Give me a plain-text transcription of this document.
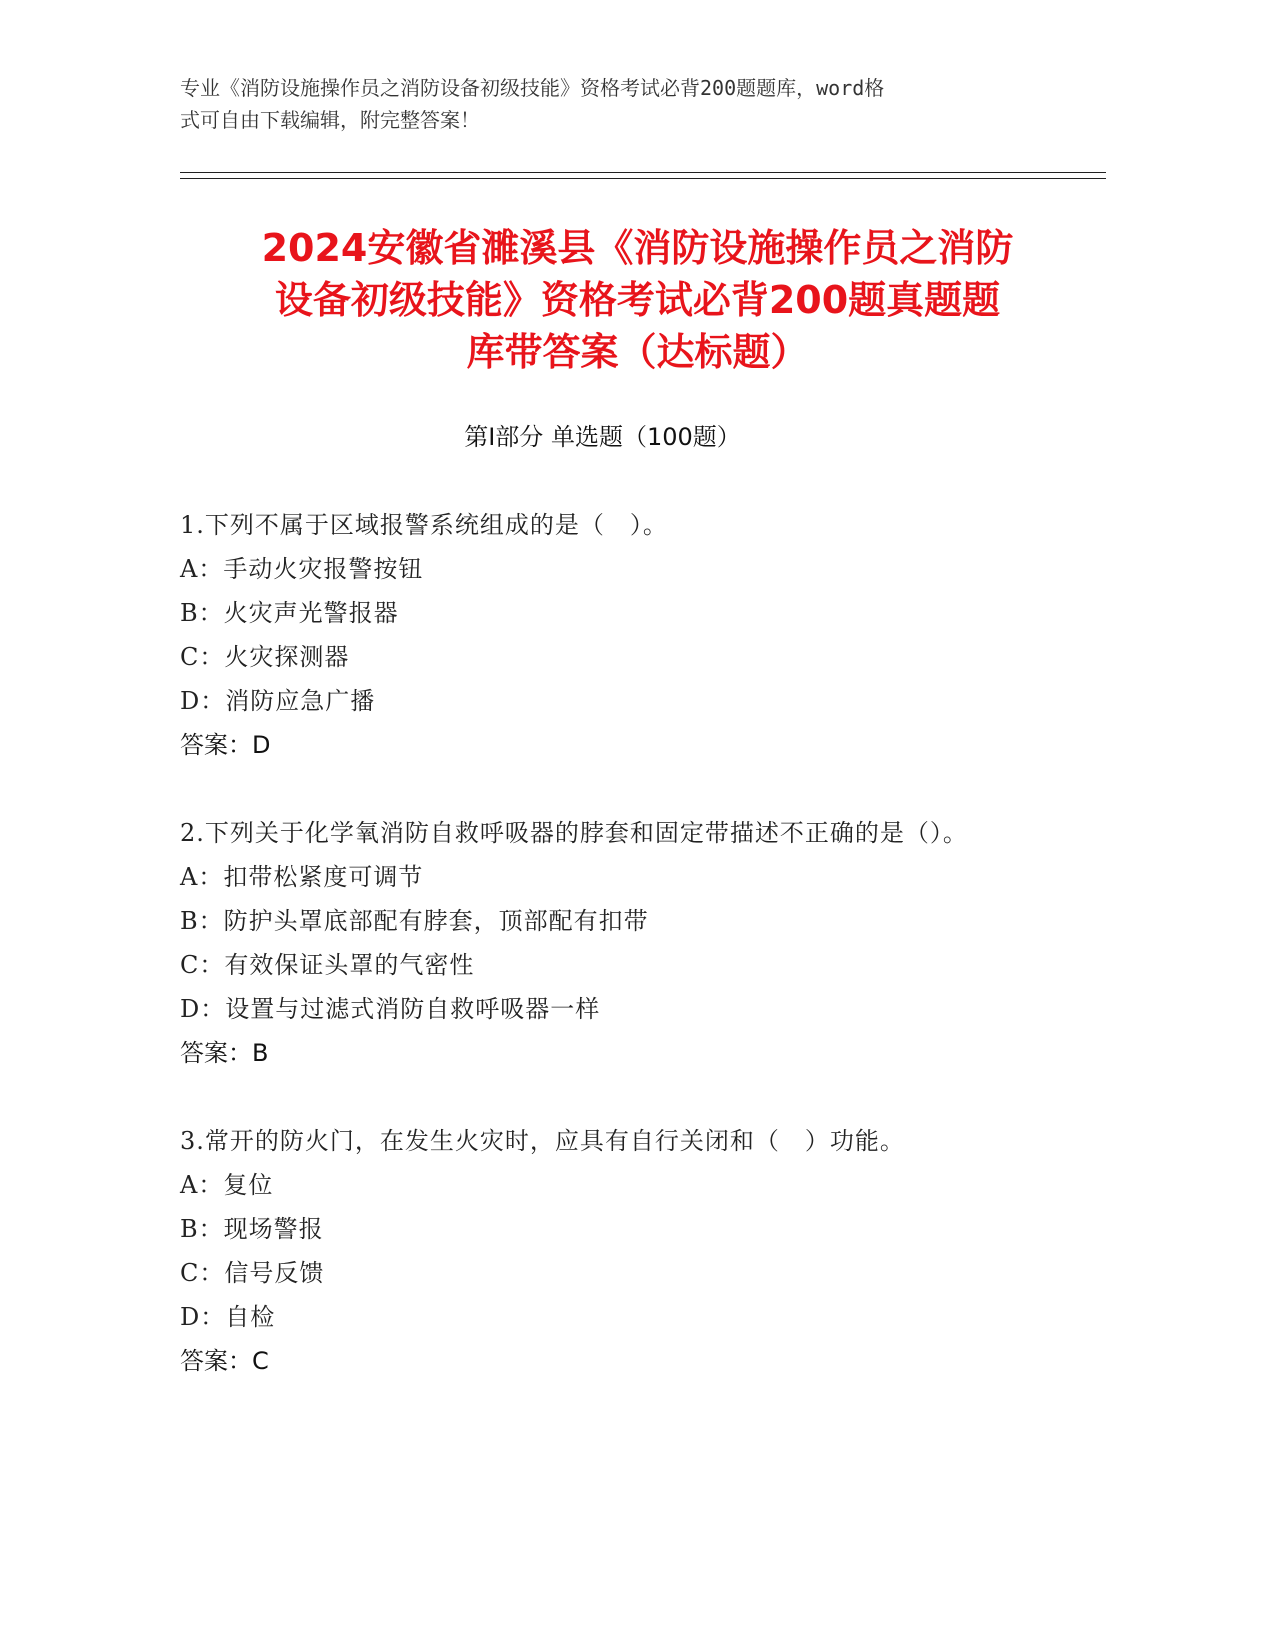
专业《消防设施操作员之消防设备初级技能》资格考试必背200题题库，word格
式可自由下载编辑，附完整答案！
2024安徽省濉溪县《消防设施操作员之消防
设备初级技能》资格考试必背200题真题题
库带答案（达标题）
第Ⅰ部分 单选题（100题）
1.下列不属于区域报警系统组成的是（　）。
A：手动火灾报警按钮
B：火灾声光警报器
C：火灾探测器
D：消防应急广播
答案：D
2.下列关于化学氧消防自救呼吸器的脖套和固定带描述不正确的是（）。
A：扣带松紧度可调节
B：防护头罩底部配有脖套，顶部配有扣带
C：有效保证头罩的气密性
D：设置与过滤式消防自救呼吸器一样
答案：B
3.常开的防火门，在发生火灾时，应具有自行关闭和（　）功能。
A：复位
B：现场警报
C：信号反馈
D：自检
答案：C
